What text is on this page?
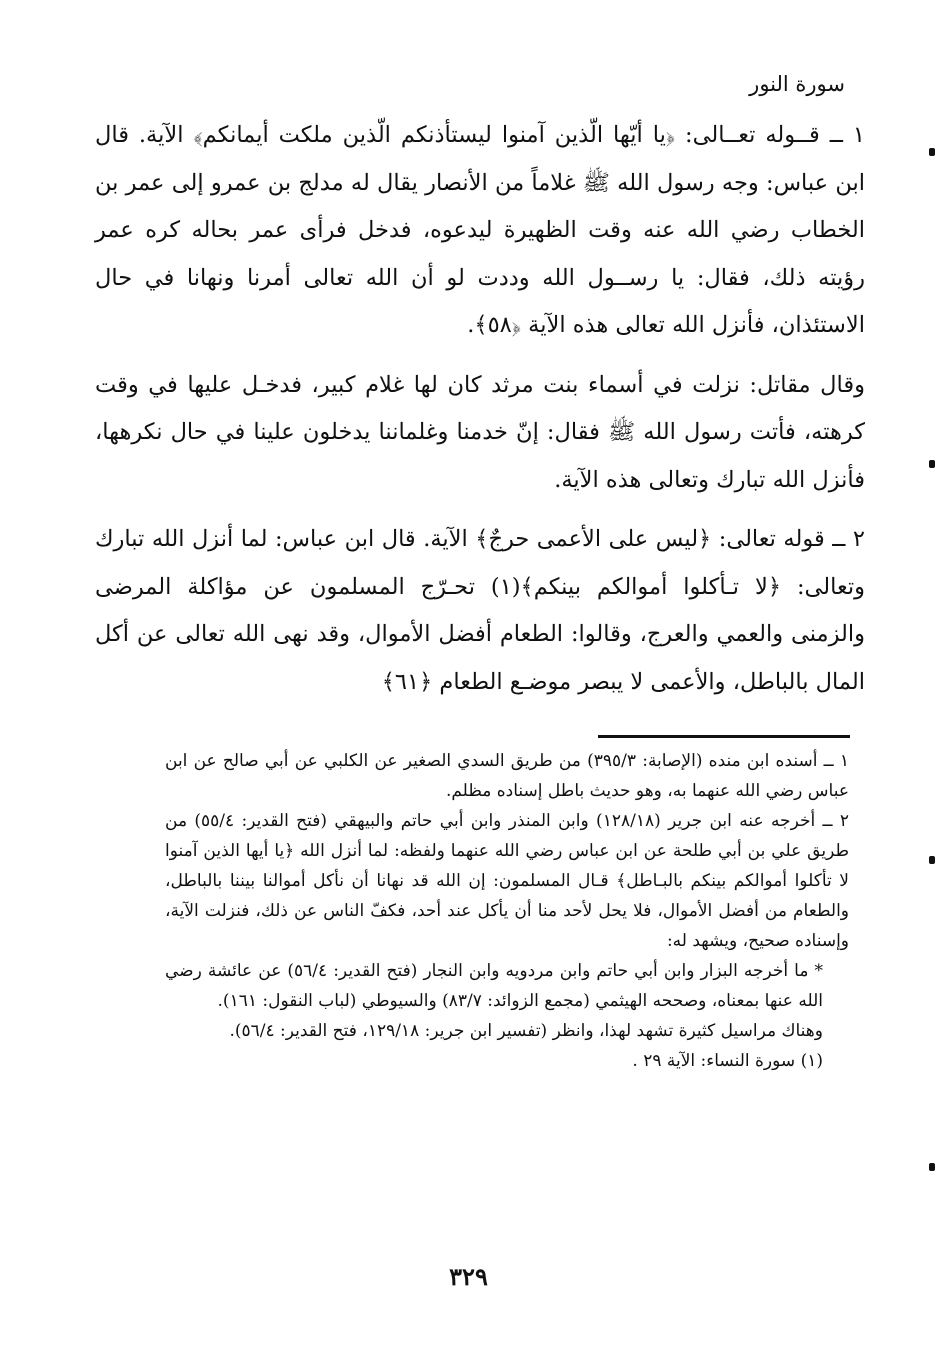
سورة النور

١ ــ قــوله تعــالى: ﴿يا أيّها الّذين آمنوا ليستأذنكم الّذين ملكت أيمانكم﴾ الآية. قال ابن عباس: وجه رسول الله ﷺ غلاماً من الأنصار يقال له مدلج بن عمرو إلى عمر بن الخطاب رضي الله عنه وقت الظهيرة ليدعوه، فدخل فرأى عمر بحاله كره عمر رؤيته ذلك، فقال: يا رســول الله وددت لو أن الله تعالى أمرنا ونهانا في حال الاستئذان، فأنزل الله تعالى هذه الآية ﴿٥٨﴾.

وقال مقاتل: نزلت في أسماء بنت مرثد كان لها غلام كبير، فدخـل عليها في وقت كرهته، فأتت رسول الله ﷺ فقال: إنّ خدمنا وغلماننا يدخلون علينا في حال نكرهها، فأنزل الله تبارك وتعالى هذه الآية.

٢ ــ قوله تعالى: ﴿ليس على الأعمى حرجٌ﴾ الآية. قال ابن عباس: لما أنزل الله تبارك وتعالى: ﴿لا تـأكلوا أموالكم بينكم﴾(١) تحـرّج المسلمون عن مؤاكلة المرضى والزمنى والعمي والعرج، وقالوا: الطعام أفضل الأموال، وقد نهى الله تعالى عن أكل المال بالباطل، والأعمى لا يبصر موضـع الطعام ﴿٦١﴾

١ ــ أسنده ابن منده (الإصابة: ٣٩٥/٣) من طريق السدي الصغير عن الكلبي عن أبي صالح عن ابن عباس رضي الله عنهما به، وهو حديث باطل إسناده مظلم.

٢ ــ أخرجه عنه ابن جرير (١٢٨/١٨) وابن المنذر وابن أبي حاتم والبيهقي (فتح القدير: ٥٥/٤) من طريق علي بن أبي طلحة عن ابن عباس رضي الله عنهما ولفظه: لما أنزل الله ﴿يا أيها الذين آمنوا لا تأكلوا أموالكم بينكم بالبـاطل﴾ قـال المسلمون: إن الله قد نهانا أن نأكل أموالنا بيننا بالباطل، والطعام من أفضل الأموال، فلا يحل لأحد منا أن يأكل عند أحد، فكفّ الناس عن ذلك، فنزلت الآية، وإسناده صحيح، ويشهد له:

* ما أخرجه البزار وابن أبي حاتم وابن مردويه وابن النجار (فتح القدير: ٥٦/٤) عن عائشة رضي الله عنها بمعناه، وصححه الهيثمي (مجمع الزوائد: ٨٣/٧) والسيوطي (لباب النقول: ١٦١).

وهناك مراسيل كثيرة تشهد لهذا، وانظر (تفسير ابن جرير: ١٢٩/١٨، فتح القدير: ٥٦/٤).

(١) سورة النساء: الآية ٢٩ .

٣٢٩
